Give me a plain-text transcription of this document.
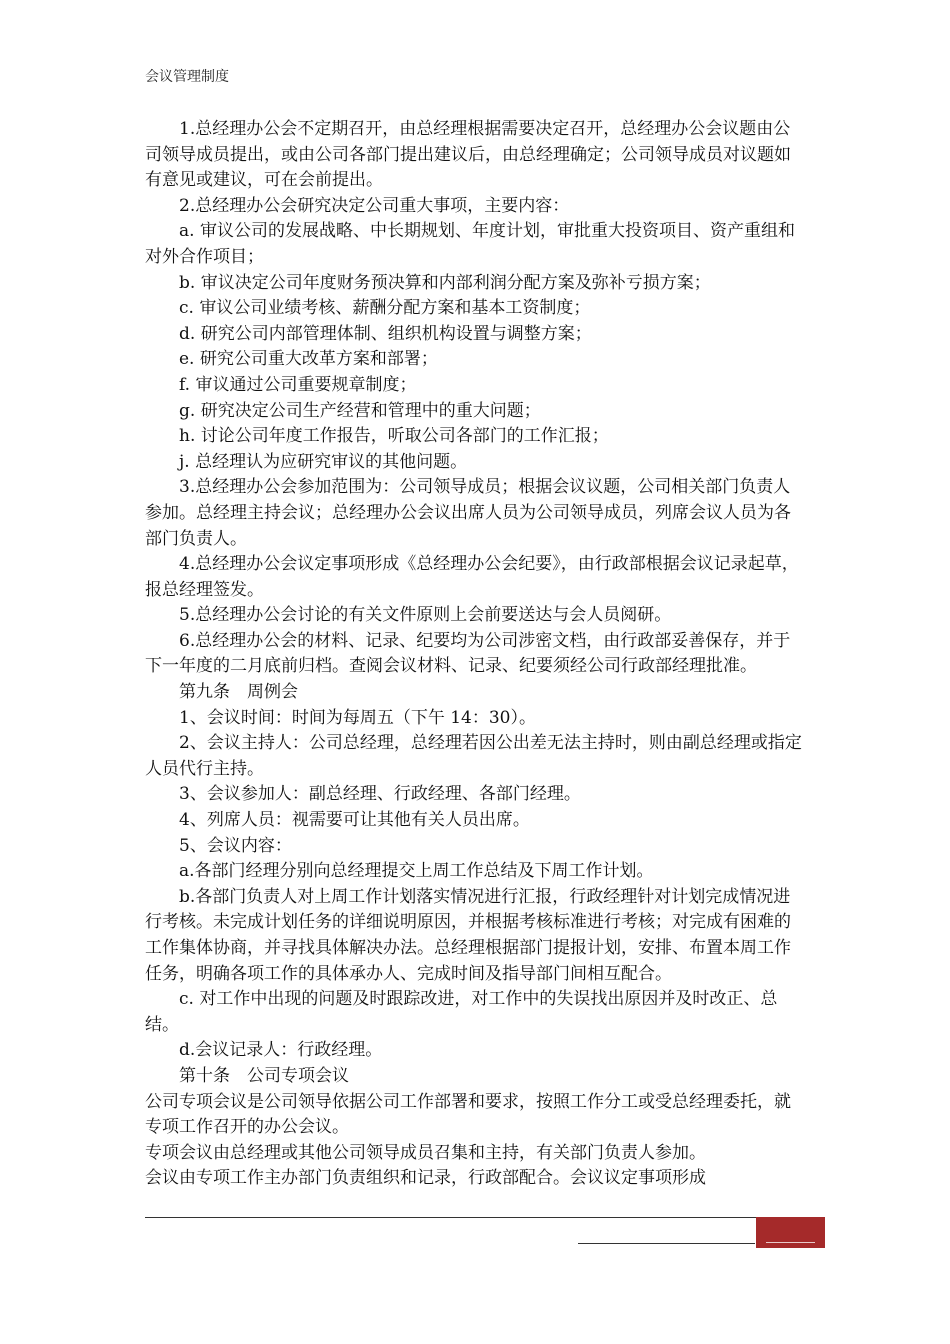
会议管理制度

1.总经理办公会不定期召开，由总经理根据需要决定召开，总经理办公会议题由公司领导成员提出，或由公司各部门提出建议后，由总经理确定；公司领导成员对议题如有意见或建议，可在会前提出。

2.总经理办公会研究决定公司重大事项，主要内容：

a. 审议公司的发展战略、中长期规划、年度计划，审批重大投资项目、资产重组和对外合作项目；

b. 审议决定公司年度财务预决算和内部利润分配方案及弥补亏损方案；

c. 审议公司业绩考核、薪酬分配方案和基本工资制度；

d. 研究公司内部管理体制、组织机构设置与调整方案；

e. 研究公司重大改革方案和部署；

f. 审议通过公司重要规章制度；

g. 研究决定公司生产经营和管理中的重大问题；

h. 讨论公司年度工作报告，听取公司各部门的工作汇报；

j. 总经理认为应研究审议的其他问题。

3.总经理办公会参加范围为：公司领导成员；根据会议议题，公司相关部门负责人参加。总经理主持会议；总经理办公会议出席人员为公司领导成员，列席会议人员为各部门负责人。

4.总经理办公会议定事项形成《总经理办公会纪要》，由行政部根据会议记录起草，报总经理签发。

5.总经理办公会讨论的有关文件原则上会前要送达与会人员阅研。

6.总经理办公会的材料、记录、纪要均为公司涉密文档，由行政部妥善保存，并于下一年度的二月底前归档。查阅会议材料、记录、纪要须经公司行政部经理批准。

第九条　周例会

1、会议时间：时间为每周五（下午 14：30）。

2、会议主持人：公司总经理，总经理若因公出差无法主持时，则由副总经理或指定人员代行主持。

3、会议参加人：副总经理、行政经理、各部门经理。

4、列席人员：视需要可让其他有关人员出席。

5、会议内容：

a.各部门经理分别向总经理提交上周工作总结及下周工作计划。

b.各部门负责人对上周工作计划落实情况进行汇报，行政经理针对计划完成情况进行考核。未完成计划任务的详细说明原因，并根据考核标准进行考核；对完成有困难的工作集体协商，并寻找具体解决办法。总经理根据部门提报计划，安排、布置本周工作任务，明确各项工作的具体承办人、完成时间及指导部门间相互配合。

c. 对工作中出现的问题及时跟踪改进，对工作中的失误找出原因并及时改正、总结。

d.会议记录人：行政经理。

第十条　公司专项会议

公司专项会议是公司领导依据公司工作部署和要求，按照工作分工或受总经理委托，就专项工作召开的办公会议。

专项会议由总经理或其他公司领导成员召集和主持，有关部门负责人参加。

会议由专项工作主办部门负责组织和记录，行政部配合。会议议定事项形成
